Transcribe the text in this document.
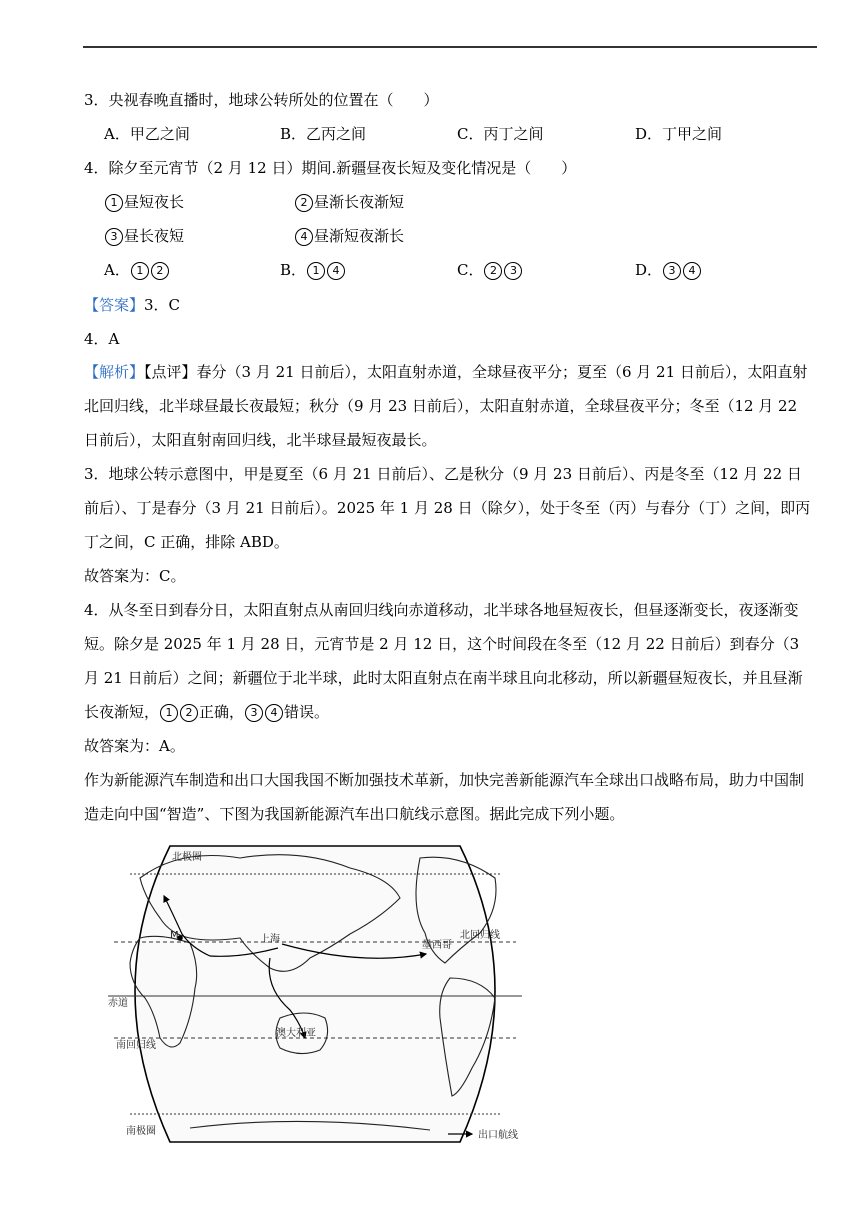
3．央视春晚直播时，地球公转所处的位置在（　　）
A．甲乙之间	B．乙丙之间	C．丙丁之间	D．丁甲之间
4．除夕至元宵节（2 月 12 日）期间.新疆昼夜长短及变化情况是（　　）
1 昼短夜长	2 昼渐长夜渐短
3 昼长夜短	4 昼渐短夜渐长
A． 1 2	B． 1 4	C． 2 3	D． 3 4
【答案】3．C
4．A
【解析】【点评】春分（3 月 21 日前后），太阳直射赤道，全球昼夜平分；夏至（6 月 21 日前后），太阳直射北回归线，北半球昼最长夜最短；秋分（9 月 23 日前后），太阳直射赤道，全球昼夜平分；冬至（12 月 22 日前后），太阳直射南回归线，北半球昼最短夜最长。
3．地球公转示意图中，甲是夏至（6 月 21 日前后）、乙是秋分（9 月 23 日前后）、丙是冬至（12 月 22 日前后）、丁是春分（3 月 21 日前后）。2025 年 1 月 28 日（除夕），处于冬至（丙）与春分（丁）之间，即丙丁之间，C 正确，排除 ABD。
故答案为：C。
4．从冬至日到春分日，太阳直射点从南回归线向赤道移动，北半球各地昼短夜长，但昼逐渐变长，夜逐渐变短。除夕是 2025 年 1 月 28 日，元宵节是 2 月 12 日，这个时间段在冬至（12 月 22 日前后）到春分（3 月 21 日前后）之间；新疆位于北半球，此时太阳直射点在南半球且向北移动，所以新疆昼短夜长，并且昼渐长夜渐短， 1 2 正确， 3 4 错误。
故答案为：A。
作为新能源汽车制造和出口大国我国不断加强技术革新，加快完善新能源汽车全球出口战略布局，助力中国制造走向中国“智造”、下图为我国新能源汽车出口航线示意图。据此完成下列小题。
北极圈
北回归线
赤道
南回归线
南极圈
上海
澳大利亚
墨西哥
M
出口航线
